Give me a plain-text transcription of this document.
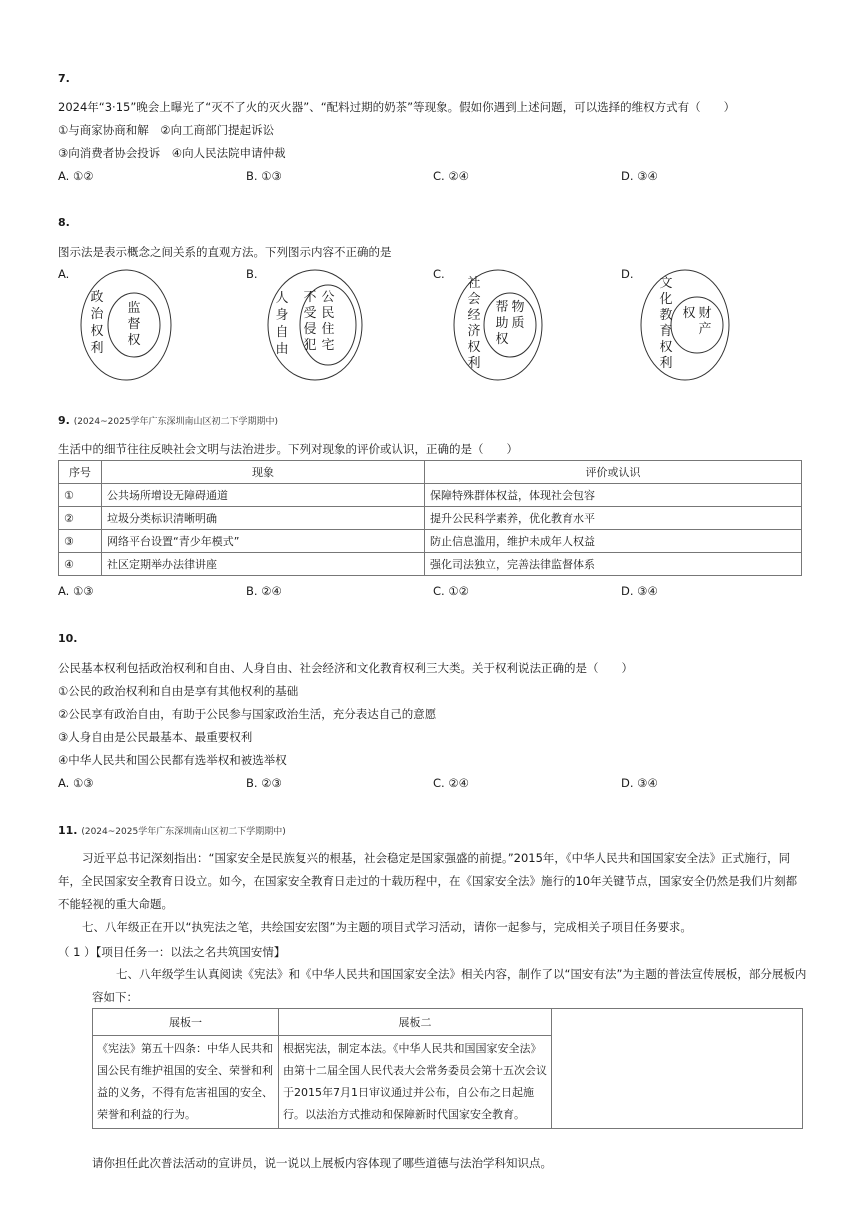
7.
2024年“3·15”晚会上曝光了“灭不了火的灭火器”、“配料过期的奶茶”等现象。假如你遇到上述问题，可以选择的维权方式有（　　）
①与商家协商和解　②向工商部门提起诉讼
③向消费者协会投诉　④向人民法院申请仲裁
A. ①②	B. ①③	C. ②④	D. ③④
8.
图示法是表示概念之间关系的直观方法。下列图示内容不正确的是
A.	B.	C.	D.
政
治
权
利
监
督
权
人
身
自
由
公
民
住
宅
不
受
侵
犯
社
会
经
济
权
利
物
质
帮
助
权
文
化
教
育
权
利
财
产
权
9. (2024~2025学年广东深圳南山区初二下学期期中)
生活中的细节往往反映社会文明与法治进步。下列对现象的评价或认识，正确的是（　　）
序号	现象	评价或认识
①	公共场所增设无障碍通道	保障特殊群体权益，体现社会包容
②	垃圾分类标识清晰明确	提升公民科学素养，优化教育水平
③	网络平台设置“青少年模式”	防止信息滥用，维护未成年人权益
④	社区定期举办法律讲座	强化司法独立，完善法律监督体系
A. ①③	B. ②④	C. ①②	D. ③④
10.
公民基本权利包括政治权利和自由、人身自由、社会经济和文化教育权利三大类。关于权利说法正确的是（　　）
①公民的政治权利和自由是享有其他权利的基础
②公民享有政治自由，有助于公民参与国家政治生活，充分表达自己的意愿
③人身自由是公民最基本、最重要权利
④中华人民共和国公民都有选举权和被选举权
A. ①③	B. ②③	C. ②④	D. ③④
11. (2024~2025学年广东深圳南山区初二下学期期中)
习近平总书记深刻指出：“国家安全是民族复兴的根基，社会稳定是国家强盛的前提。”2015年，《中华人民共和国国家安全法》正式施行，同年，全民国家安全教育日设立。如今，在国家安全教育日走过的十载历程中，在《国家安全法》施行的10年关键节点，国家安全仍然是我们片刻都不能轻视的重大命题。
七、八年级正在开以“执宪法之笔，共绘国安宏图”为主题的项目式学习活动，请你一起参与，完成相关子项目任务要求。
（ 1 ）【项目任务一：以法之名共筑国安情】
七、八年级学生认真阅读《宪法》和《中华人民共和国国家安全法》相关内容，制作了以“国安有法”为主题的普法宣传展板，部分展板内容如下：
展板一	展板二	
《宪法》第五十四条：中华人民共和国公民有维护祖国的安全、荣誉和利益的义务，不得有危害祖国的安全、荣誉和利益的行为。	根据宪法，制定本法。《中华人民共和国国家安全法》由第十二届全国人民代表大会常务委员会第十五次会议于2015年7月1日审议通过并公布，自公布之日起施行。以法治方式推动和保障新时代国家安全教育。	
请你担任此次普法活动的宣讲员，说一说以上展板内容体现了哪些道德与法治学科知识点。
